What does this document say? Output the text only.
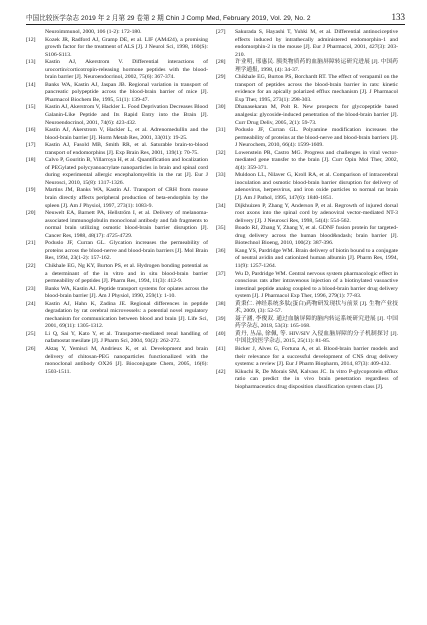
中国比较医学杂志 2019 年 2 月第 29 卷第 2 期 Chin J Comp Med, February 2019, Vol. 29, No. 2	133
Neuroimmunol, 2000, 106 (1-2): 172-180.
[12]	Kozek JR, Radford AJ, Gramp DE, et al. LIF (AM424), a promising growth factor for the treatment of ALS [J]. J Neurol Sci, 1998, 160(S): S106-S113.
[13]	Kastin AJ, Akerstrom V. Differential interactions of urocortin/corticotropin-releasing hormone peptides with the blood-brain barrier [J]. Neuroendocrinol, 2002, 75(6): 367-374.
[14]	Banks WA, Kastin AJ, Jaspan JB. Regional variation in transport of pancreatic polypeptide across the blood-brain barrier of mice [J]. Pharmacol Biochem Be, 1995, 51(1): 139-47.
[15]	Kastin AJ, Akerstrom V, Hackler L. Food Deprivation Decreases Blood Galanin-Like Peptide and Its Rapid Entry into the Brain [J]. Neuroendocrinol, 2001, 74(6): 423-432.
[16]	Kastin AJ, Akerstrom V, Hackler L, et al. Adrenomedullin and the blood-brain barrier [J]. Horm Metab Res, 2001, 33(01): 19-25.
[17]	Kastin AJ, Fasold MB, Smith RR, et al. Saturable brain-to-blood transport of endomorphins [J]. Exp Brain Res, 2001, 139(1): 70-75.
[18]	Calvo P, Gouritin B, Villarroya H, et al. Quantification and localization of PEGylated polycyanoacrylate nanoparticles in brain and spinal cord during experimental allergic encephalomyelitis in the rat [J]. Eur J Neurosci, 2010, 15(8): 1317-1326.
[19]	Martins JM, Banks WA, Kastin AJ. Transport of CRH from mouse brain directly affects peripheral production of beta-endorphin by the spleen [J]. Am J Physiol, 1997, 273(1): 1083-9.
[20]	Neuwelt EA, Barnett PA, Hellström I, et al. Delivery of melanoma-associated immunoglobulin monoclonal antibody and fab fragments to normal brain utilizing osmotic blood-brain barrier disruption [J]. Cancer Res, 1988, 48(17): 4725-4729.
[21]	Poduslo JF, Curran GL. Glycation increases the permeability of proteins across the blood-nerve and blood-brain barriers [J]. Mol Brain Res, 1994, 23(1-2): 157-162.
[22]	Chikhale EG, Ng KY, Burton PS, et al. Hydrogen bonding potential as a determinant of the in vitro and in situ blood-brain barrier permeability of peptides [J]. Pharm Res, 1994, 11(3): 412-9.
[23]	Banks WA, Kastin AJ. Peptide transport systems for opiates across the blood-brain barrier [J]. Am J Physiol, 1990, 259(1): 1-10.
[24]	Kastin AJ, Hahn K, Zadina JE. Regional differences in peptide degradation by rat cerebral microvessels: a potential novel regulatory mechanism for communication between blood and brain [J]. Life Sci, 2001, 69(11): 1305-1312.
[25]	Li Q, Sai Y, Kato Y, et al. Transporter-mediated renal handling of nafamostat mesilate [J]. J Pharm Sci, 2004, 93(2): 262-272.
[26]	Aktaş Y, Yemisci M, Andrieux K, et al. Development and brain delivery of chitosan-PEG nanoparticles functionalized with the monoclonal antibody OX26 [J]. Bioconjugate Chem, 2005, 16(6): 1503-1511.
[27]	Sakurada S, Hayashi T, Yuhki M, et al. Differential antinociceptive effects induced by intrathecally administered endomorphin-1 and endomorphin-2 in the mouse [J]. Eur J Pharmacol, 2001, 427(3): 203-210.
[28]	许业明, 邢惠民. 胰类物质药的血脑屏障转运研究进展 [J]. 中国药理学通报, 1998, (4): 34-37.
[29]	Chikhale EG, Burton PS, Borchardt RT. The effect of verapamil on the transport of peptides across the blood-brain barrier in rats: kinetic evidence for an apically polarized efflux mechanism [J]. J Pharmacol Exp Ther, 1995, 273(1): 298-303.
[30]	Dhanasekaran M, Polt R. New prospects for glycopeptide based analgesia: glycoside-induced penetration of the blood-brain barrier [J]. Curr Drug Deliv, 2005, 2(1): 59-73.
[31]	Poduslo JF, Curran GL. Polyamine modification increases the permeability of proteins at the blood-nerve and blood-brain barriers [J]. J Neurochem, 2010, 66(4): 1599-1609.
[32]	Lowenstein PR, Castro MG. Progress and challenges in viral vector-mediated gene transfer to the brain [J]. Curr Opin Mol Ther, 2002, 4(4): 359-371.
[33]	Muldoon LL, Nilaver G, Kroll RA, et al. Comparison of intracerebral inoculation and osmotic blood-brain barrier disruption for delivery of adenovirus, herpesvirus, and iron oxide particles to normal rat brain [J]. Am J Pathol, 1995, 147(6): 1840-1851.
[34]	Dijkhuizen P, Zhang Y, Anderson P, et al. Regrowth of injured dorsal root axons into the spinal cord by adenoviral vector-mediated NT-3 delivery [J]. J Neurosci Res, 1998, 54(4): 554-562.
[35]	Boado RJ, Zhang Y, Zhang Y, et al. GDNF fusion protein for targeted-drug delivery across the human blood&ndash; brain barrier [J]. Biotechnol Bioeng, 2010, 100(2): 387-396.
[36]	Kang YS, Pardridge WM. Brain delivery of biotin bound to a conjugate of neutral avidin and cationized human albumin [J]. Pharm Res, 1994, 11(9): 1257-1264.
[37]	Wu D, Pardridge WM. Central nervous system pharmacologic effect in conscious rats after intravenous injection of a biotinylated vasoactive intestinal peptide analog coupled to a blood-brain barrier drug delivery system [J]. J Pharmacol Exp Ther, 1996, 279(1): 77-83.
[38]	黄秉仁. 神经系统多肽(蛋白)药物研发现状与前景 [J]. 生物产业技术, 2009, (3): 52-57.
[39]	聂子涵, 李俊双. 通过血脑屏障的脑内转运系统研究进展 [J]. 中国药学杂志, 2018, 53(3): 165-168.
[40]	黄丹, 丛品, 徐佩, 等. HIV/SIV 入侵血脑屏障的分子机制探讨 [J]. 中国比较医学杂志, 2015, 25(11): 81-85.
[41]	Bicker J, Alves G, Fortuna A, et al. Blood-brain barrier models and their relevance for a successful development of CNS drug delivery systems: a review [J]. Eur J Pharm Biopharm, 2014, 87(3): 409-432.
[42]	Kikuchi R, De Morais SM, Kalvass JC. In vitro P-glycoprotein efflux ratio can predict the in vivo brain penetration regardless of biopharmaceutics drug disposition classification system class [J].
